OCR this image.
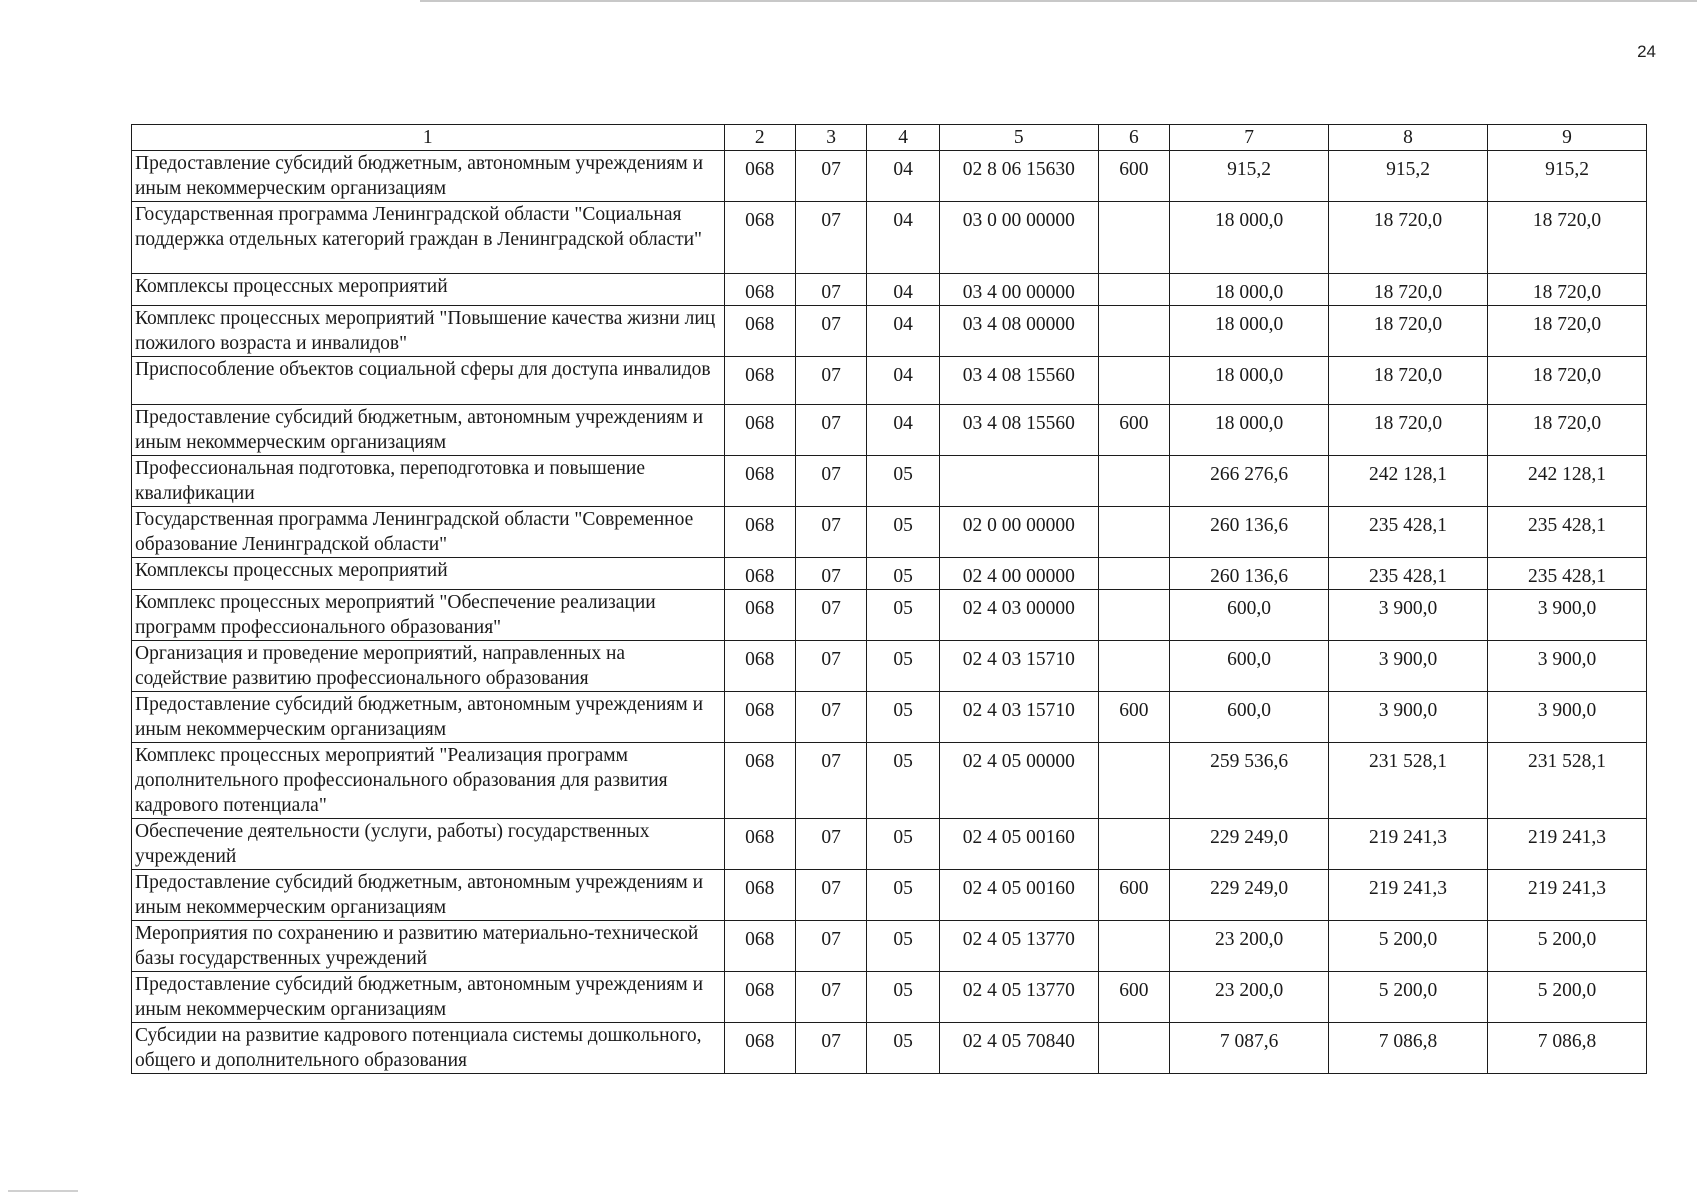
24
1	2	3	4	5	6	7	8	9
Предоставление субсидий бюджетным, автономным учреждениям и иным некоммерческим организациям	068	07	04	02 8 06 15630	600	915,2	915,2	915,2
Государственная программа Ленинградской области "Социальная поддержка отдельных категорий граждан в Ленинградской области"	068	07	04	03 0 00 00000		18 000,0	18 720,0	18 720,0
Комплексы процессных мероприятий	068	07	04	03 4 00 00000		18 000,0	18 720,0	18 720,0
Комплекс процессных мероприятий "Повышение качества жизни лиц пожилого возраста и инвалидов"	068	07	04	03 4 08 00000		18 000,0	18 720,0	18 720,0
Приспособление объектов социальной сферы для доступа инвалидов	068	07	04	03 4 08 15560		18 000,0	18 720,0	18 720,0
Предоставление субсидий бюджетным, автономным учреждениям и иным некоммерческим организациям	068	07	04	03 4 08 15560	600	18 000,0	18 720,0	18 720,0
Профессиональная подготовка, переподготовка и повышение квалификации	068	07	05			266 276,6	242 128,1	242 128,1
Государственная программа Ленинградской области "Современное образование Ленинградской области"	068	07	05	02 0 00 00000		260 136,6	235 428,1	235 428,1
Комплексы процессных мероприятий	068	07	05	02 4 00 00000		260 136,6	235 428,1	235 428,1
Комплекс процессных мероприятий "Обеспечение реализации программ профессионального образования"	068	07	05	02 4 03 00000		600,0	3 900,0	3 900,0
Организация и проведение мероприятий, направленных на содействие развитию профессионального образования	068	07	05	02 4 03 15710		600,0	3 900,0	3 900,0
Предоставление субсидий бюджетным, автономным учреждениям и иным некоммерческим организациям	068	07	05	02 4 03 15710	600	600,0	3 900,0	3 900,0
Комплекс процессных мероприятий "Реализация программ дополнительного профессионального образования для развития кадрового потенциала"	068	07	05	02 4 05 00000		259 536,6	231 528,1	231 528,1
Обеспечение деятельности (услуги, работы) государственных учреждений	068	07	05	02 4 05 00160		229 249,0	219 241,3	219 241,3
Предоставление субсидий бюджетным, автономным учреждениям и иным некоммерческим организациям	068	07	05	02 4 05 00160	600	229 249,0	219 241,3	219 241,3
Мероприятия по сохранению и развитию материально-технической базы государственных учреждений	068	07	05	02 4 05 13770		23 200,0	5 200,0	5 200,0
Предоставление субсидий бюджетным, автономным учреждениям и иным некоммерческим организациям	068	07	05	02 4 05 13770	600	23 200,0	5 200,0	5 200,0
Субсидии на развитие кадрового потенциала системы дошкольного, общего и дополнительного образования	068	07	05	02 4 05 70840		7 087,6	7 086,8	7 086,8
